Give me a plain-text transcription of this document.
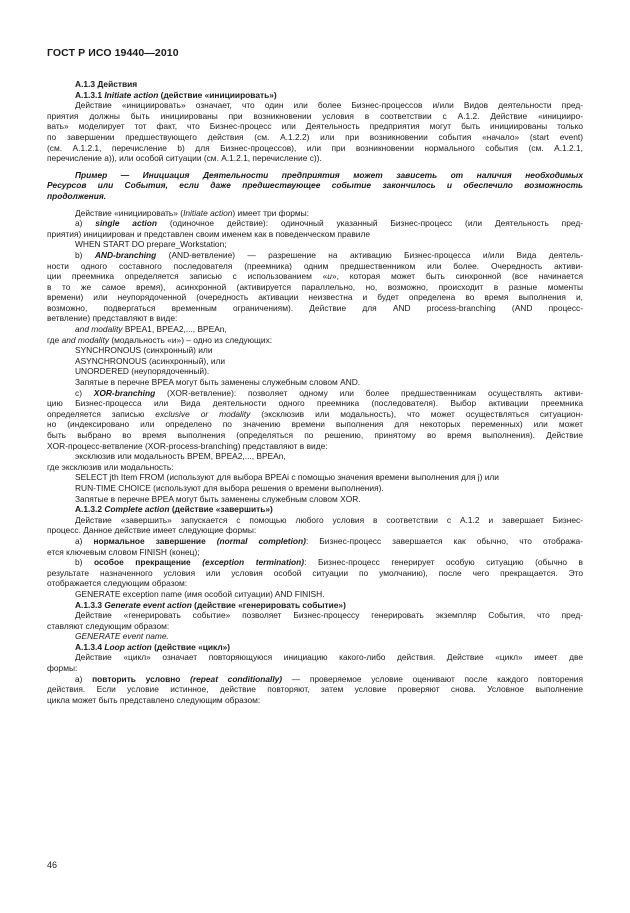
ГОСТ Р ИСО 19440—2010

A.1.3 Действия

A.1.3.1 Initiate action (действие «инициировать»)

Действие «инициировать» означает, что один или более Бизнес-процессов и/или Видов деятельности пред-

приятия должны быть инициированы при возникновении условия в соответствии с А.1.2. Действие «иницииро-

вать» моделирует тот факт, что Бизнес-процесс или Деятельность предприятия могут быть инициированы только

по завершении предшествующего действия (см. А.1.2.2) или при возникновении события «начало» (start event)

(см. А.1.2.1, перечисление b) для Бизнес-процессов), или при возникновении нормального события (см. А.1.2.1,

перечисление а)), или особой ситуации (см. А.1.2.1, перечисление с)).

Пример — Инициация Деятельности предприятия может зависеть от наличия необходимых

Ресурсов или События, если даже предшествующее событие закончилось и обеспечило возможность

продолжения.

Действие «инициировать» (Initiate action) имеет три формы:

а) single action (одиночное действие): одиночный указанный Бизнес-процесс (или Деятельность пред-

приятия) инициирован и представлен своим именем как в поведенческом правиле

WHEN START DO prepare_Workstation;

b) AND-branching (AND-ветвление) — разрешение на активацию Бизнес-процесса и/или Вида деятель-

ности одного составного последователя (преемника) одним предшественником или более. Очередность активи-

ции преемника определяется записью с использованием «и», которая может быть синхронной (все начинается

в то же самое время), асинхронной (активируется параллельно, но, возможно, происходит в разные моменты

времени) или неупорядоченной (очередность активации неизвестна и будет определена во время выполнения и,

возможно, подвергаться временным ограничениям). Действие для AND process-branching (AND процесс-

ветвление) представляют в виде:

and modality BPEA1, BPEA2,..., BPEAn,

где and modality (модальность «и») – одно из следующих:

SYNCHRONOUS (синхронный) или

ASYNCHRONOUS (асинхронный), или

UNORDERED (неупорядоченный).

Запятые в перечне BPEA могут быть заменены служебным словом AND.

с) XOR-branching (XOR-ветвление): позволяет одному или более предшественникам осуществлять активи-

цию Бизнес-процесса или Вида деятельности одного преемника (последователя). Выбор активации преемника

определяется записью exclusive or modality (эксклюзив или модальность), что может осуществляться ситуацион-

но (индексировано или определено по значению времени выполнения для некоторых переменных) или может

быть выбрано во время выполнения (определяться по решению, принятому во время выполнения). Действие

XOR-процесс-ветвление (XOR-process-branching) представляют в виде:

эксклюзив или модальность BPEM, BPEA2,..., BPEAn,

где эксклюзив или модальность:

SELECT jth Item FROM (используют для выбора BPEAi с помощью значения времени выполнения для j) или

RUN-TIME CHOICE (используют для выбора решения о времени выполнения).

Запятые в перечне BPEA могут быть заменены служебным словом XOR.

A.1.3.2 Complete action (действие «завершить»)

Действие «завершить» запускается с помощью любого условия в соответствии с А.1.2 и завершает Бизнес-

процесс. Данное действие имеет следующие формы:

а) нормальное завершение (normal completion): Бизнес-процесс завершается как обычно, что отобража-

ется ключевым словом FINISH (конец);

b) особое прекращение (exception termination): Бизнес-процесс генерирует особую ситуацию (обычно в

результате назначенного условия или условия особой ситуации по умолчанию), после чего прекращается. Это

отображается следующим образом:

GENERATE exception name (имя особой ситуации) AND FINISH.

A.1.3.3 Generate event action (действие «генерировать событие»)

Действие «генерировать событие» позволяет Бизнес-процессу генерировать экземпляр События, что пред-

ставляют следующим образом:

GENERATE event name.

A.1.3.4 Loop action (действие «цикл»)

Действие «цикл» означает повторяющуюся инициацию какого-либо действия. Действие «цикл» имеет две

формы:

а) повторить условно (repeat conditionally) — проверяемое условие оценивают после каждого повторения

действия. Если условие истинное, действие повторяют, затем условие проверяют снова. Условное выполнение

цикла может быть представлено следующим образом:

46
